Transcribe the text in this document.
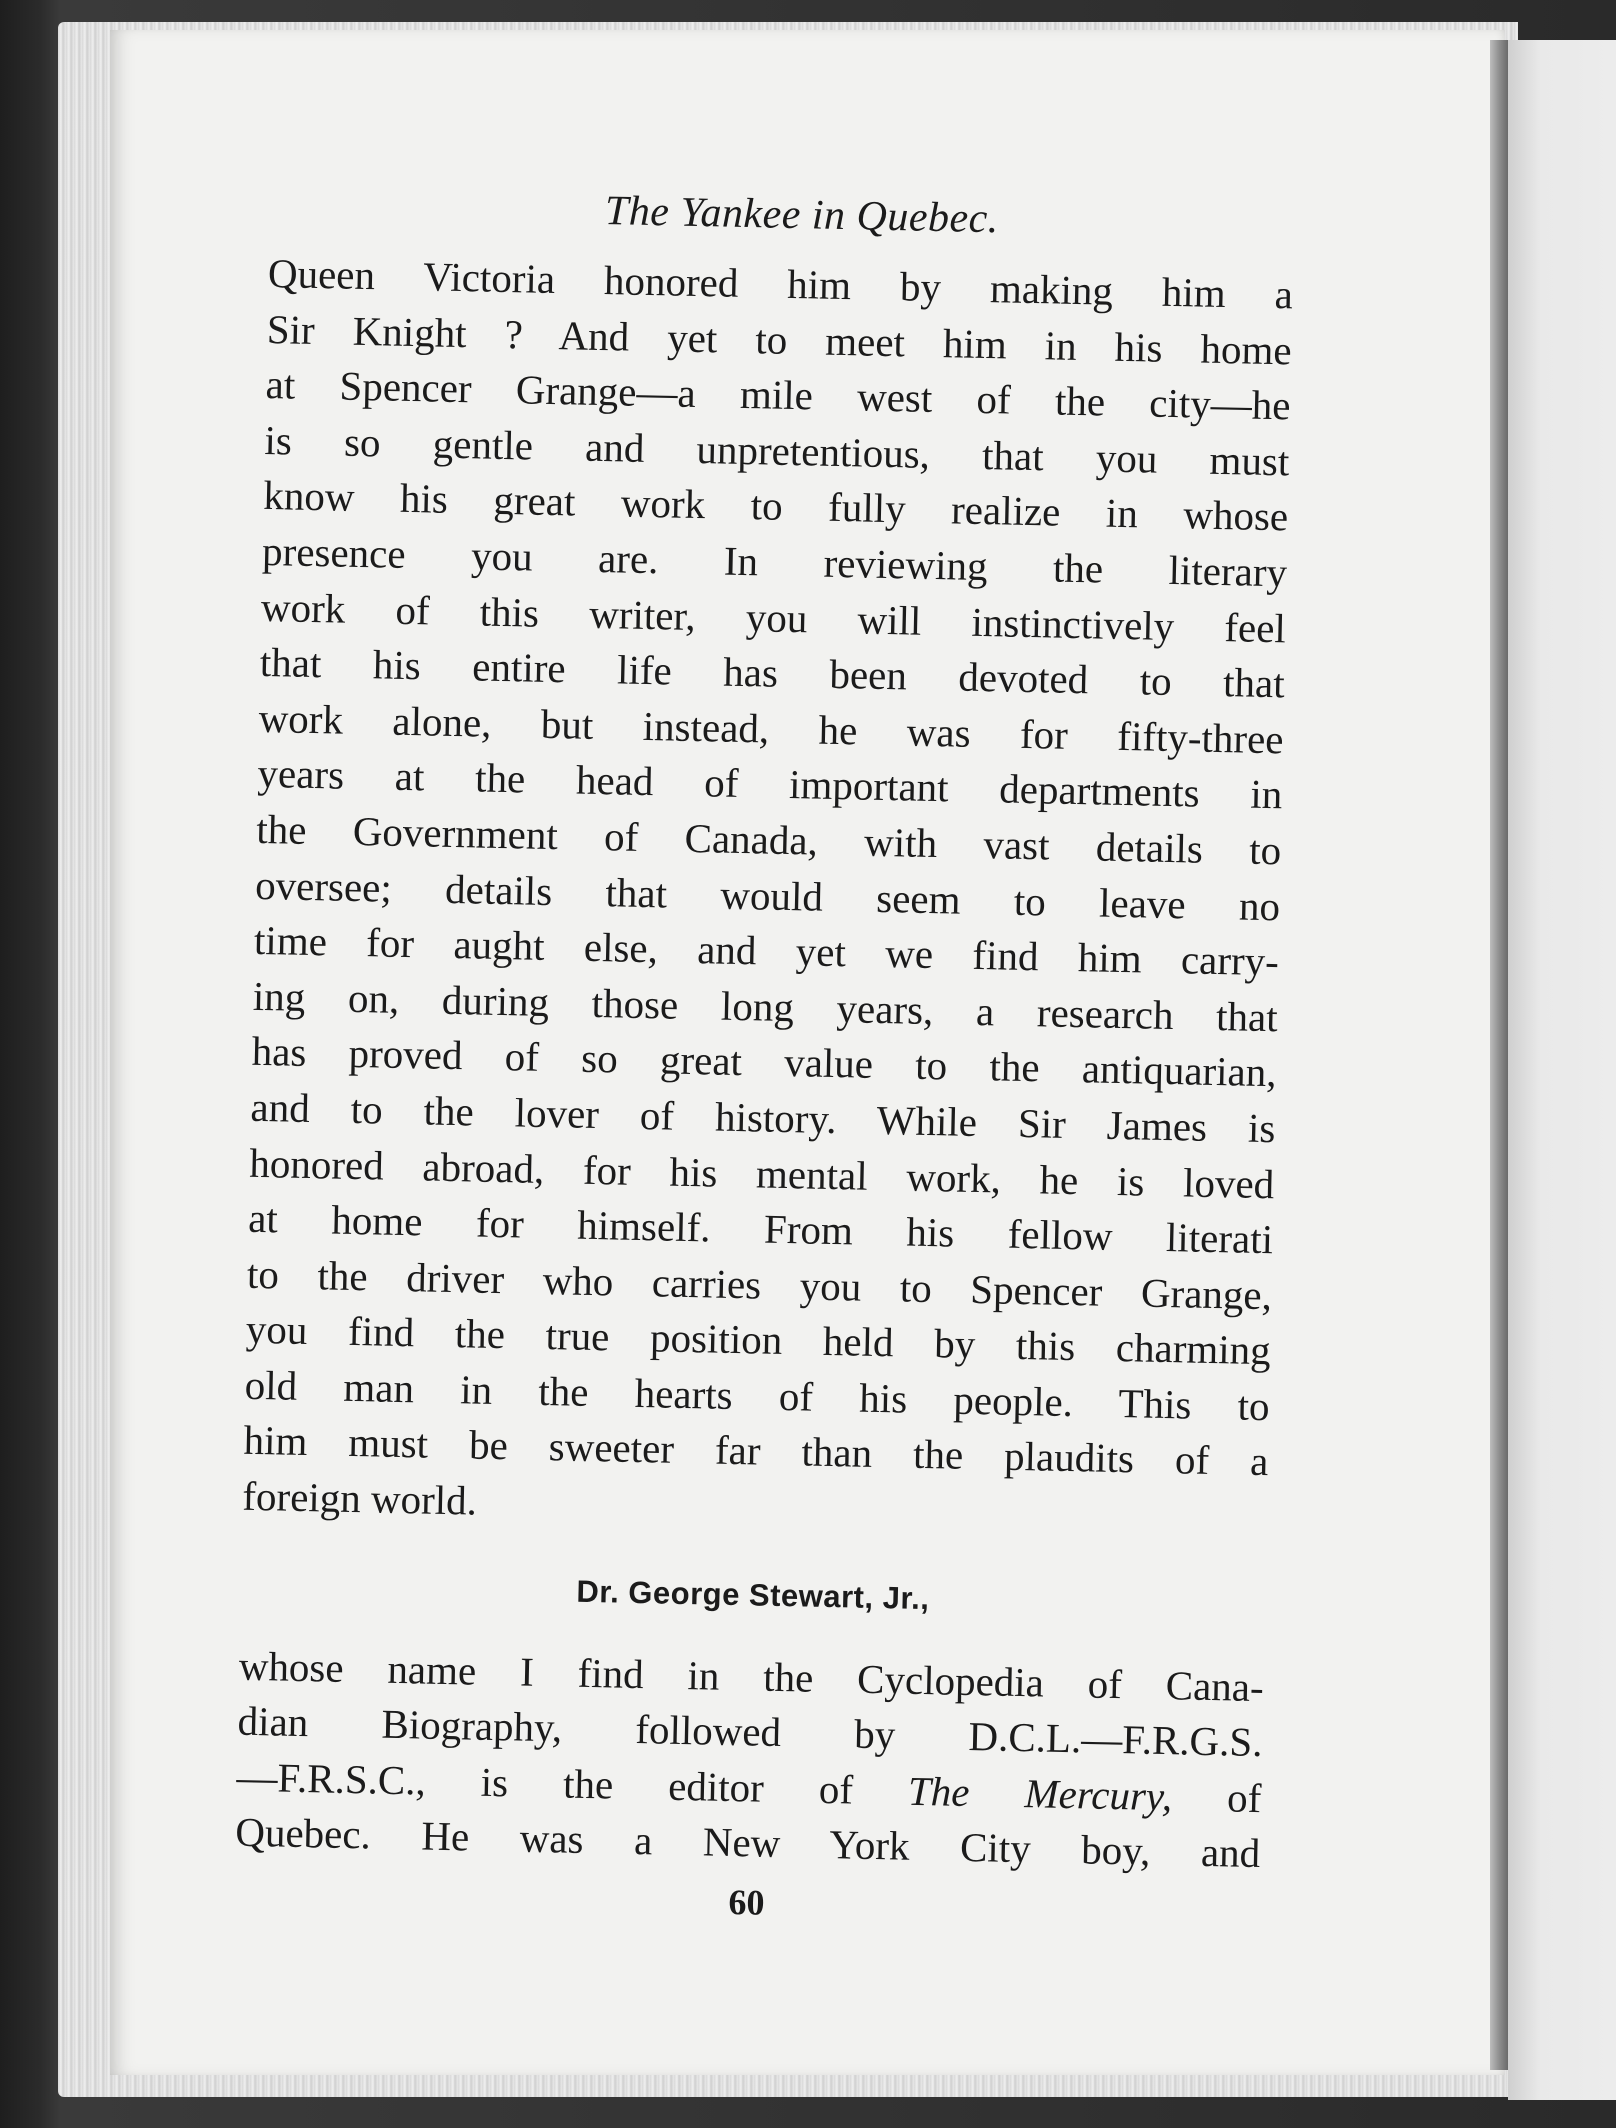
The Yankee in Quebec.
Queen Victoria honored him by making him a
Sir Knight ? And yet to meet him in his home
at Spencer Grange—a mile west of the city—he
is so gentle and unpretentious, that you must
know his great work to fully realize in whose
presence you are. In reviewing the literary
work of this writer, you will instinctively feel
that his entire life has been devoted to that
work alone, but instead, he was for fifty-three
years at the head of important departments in
the Government of Canada, with vast details to
oversee; details that would seem to leave no
time for aught else, and yet we find him carry-
ing on, during those long years, a research that
has proved of so great value to the antiquarian,
and to the lover of history. While Sir James is
honored abroad, for his mental work, he is loved
at home for himself. From his fellow literati
to the driver who carries you to Spencer Grange,
you find the true position held by this charming
old man in the hearts of his people. This to
him must be sweeter far than the plaudits of a
foreign world.
Dr. George Stewart, Jr.,
whose name I find in the Cyclopedia of Cana-
dian Biography, followed by D.C.L.—F.R.G.S.
—F.R.S.C., is the editor of The Mercury, of
Quebec. He was a New York City boy, and
60
